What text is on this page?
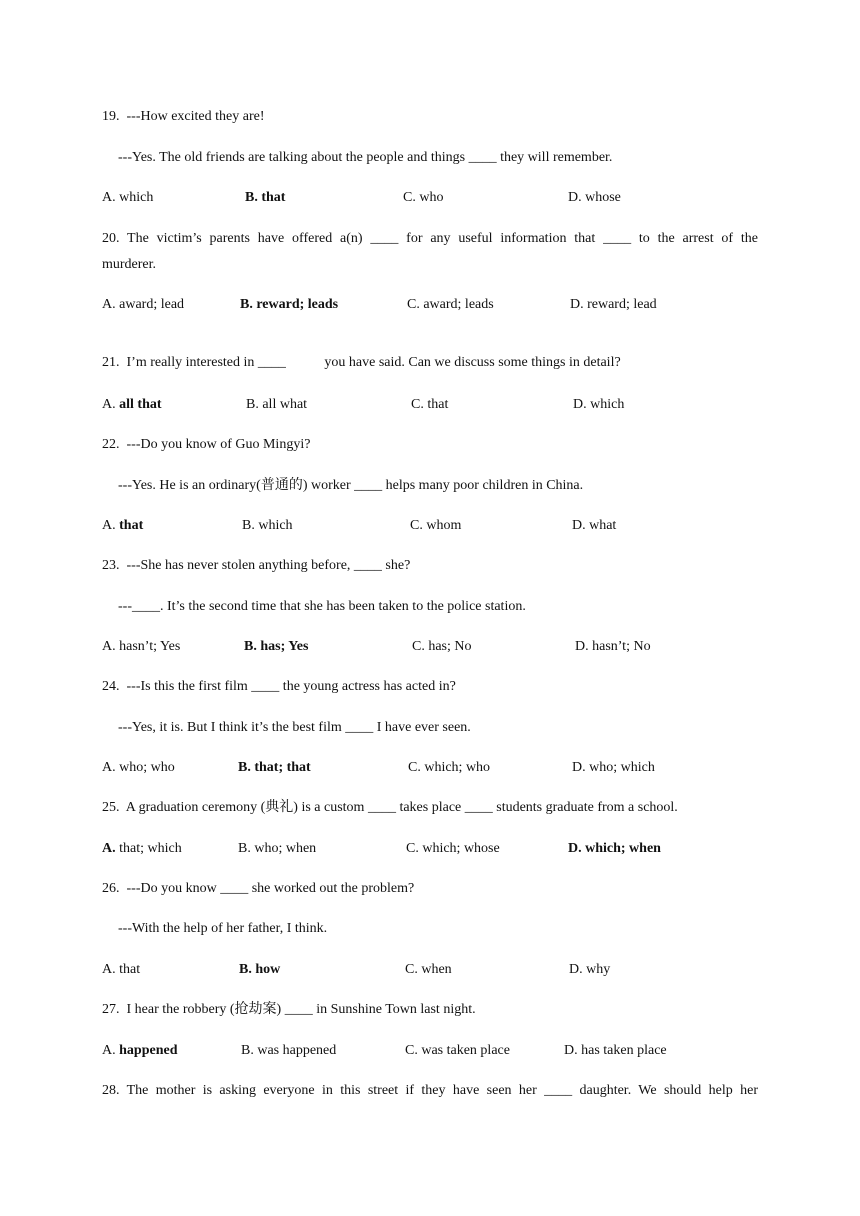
19.  ---How excited they are!
---Yes. The old friends are talking about the people and things ____ they will remember.
A. which	B. that	C. who	D. whose
20. The victim’s parents have offered a(n) ____ for any useful information that ____ to the arrest of the
murderer.
A. award; lead	B. reward; leads	C. award; leads	D. reward; lead
21.  I’m really interested in ____           you have said. Can we discuss some things in detail?
A. all that	B. all what	C. that	D. which
22.  ---Do you know of Guo Mingyi?
---Yes. He is an ordinary(普通的) worker ____ helps many poor children in China.
A. that	B. which	C. whom	D. what
23.  ---She has never stolen anything before, ____ she?
---____. It’s the second time that she has been taken to the police station.
A. hasn’t; Yes	B. has; Yes	C. has; No	D. hasn’t; No
24.  ---Is this the first film ____ the young actress has acted in?
---Yes, it is. But I think it’s the best film ____ I have ever seen.
A. who; who	B. that; that	C. which; who	D. who; which
25.  A graduation ceremony (典礼) is a custom ____ takes place ____ students graduate from a school.
A. that; which	B. who; when	C. which; whose	D. which; when
26.  ---Do you know ____ she worked out the problem?
---With the help of her father, I think.
A. that	B. how	C. when	D. why
27.  I hear the robbery (抢劫案) ____ in Sunshine Town last night.
A. happened	B. was happened	C. was taken place	D. has taken place
28. The mother is asking everyone in this street if they have seen her ____ daughter. We should help her
